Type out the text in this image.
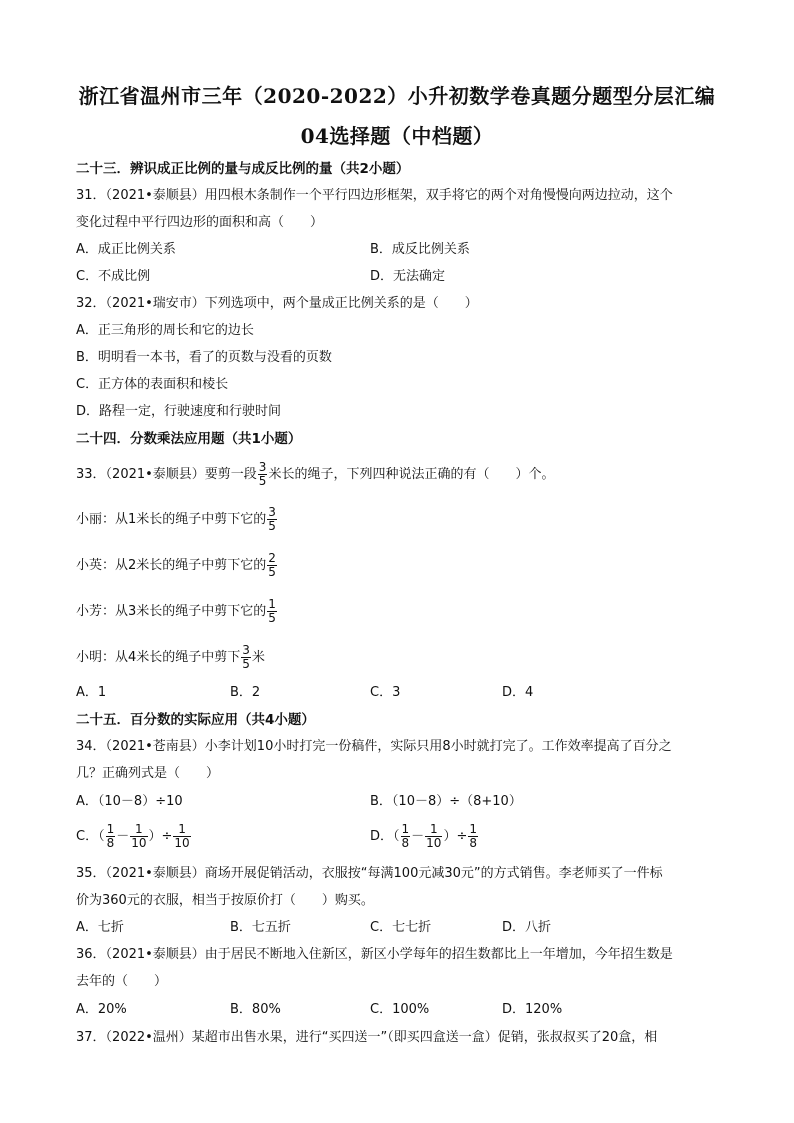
浙江省温州市三年（2020-2022）小升初数学卷真题分题型分层汇编
04选择题（中档题）
二十三．辨识成正比例的量与成反比例的量（共2小题）
31．（2021•泰顺县）用四根木条制作一个平行四边形框架，双手将它的两个对角慢慢向两边拉动，这个
变化过程中平行四边形的面积和高（　　）
A．成正比例关系	B．成反比例关系
C．不成比例	D．无法确定
32．（2021•瑞安市）下列选项中，两个量成正比例关系的是（　　）
A．正三角形的周长和它的边长
B．明明看一本书，看了的页数与没看的页数
C．正方体的表面积和棱长
D．路程一定，行驶速度和行驶时间
二十四．分数乘法应用题（共1小题）
33．（2021•泰顺县）要剪一段 $\frac{3}{5}$ 米长的绳子，下列四种说法正确的有（　　）个。
小丽：从1米长的绳子中剪下它的 $\frac{3}{5}$
小英：从2米长的绳子中剪下它的 $\frac{2}{5}$
小芳：从3米长的绳子中剪下它的 $\frac{1}{5}$
小明：从4米长的绳子中剪下 $\frac{3}{5}$ 米
A．1	B．2	C．3	D．4
二十五．百分数的实际应用（共4小题）
34．（2021•苍南县）小李计划10小时打完一份稿件，实际只用8小时就打完了。工作效率提高了百分之
几？正确列式是（　　）
A．（10－8）÷10	B．（10－8）÷（8+10）
C．（ $\frac{1}{8} - \frac{1}{10}$ ）÷ $\frac{1}{10}$	D．（ $\frac{1}{8} - \frac{1}{10}$ ）÷ $\frac{1}{8}$
35．（2021•泰顺县）商场开展促销活动，衣服按“每满100元减30元”的方式销售。李老师买了一件标
价为360元的衣服，相当于按原价打（　　）购买。
A．七折	B．七五折	C．七七折	D．八折
36．（2021•泰顺县）由于居民不断地入住新区，新区小学每年的招生数都比上一年增加，今年招生数是
去年的（　　）
A．20%	B．80%	C．100%	D．120%
37．（2022•温州）某超市出售水果，进行“买四送一”（即买四盒送一盒）促销，张叔叔买了20盒，相
